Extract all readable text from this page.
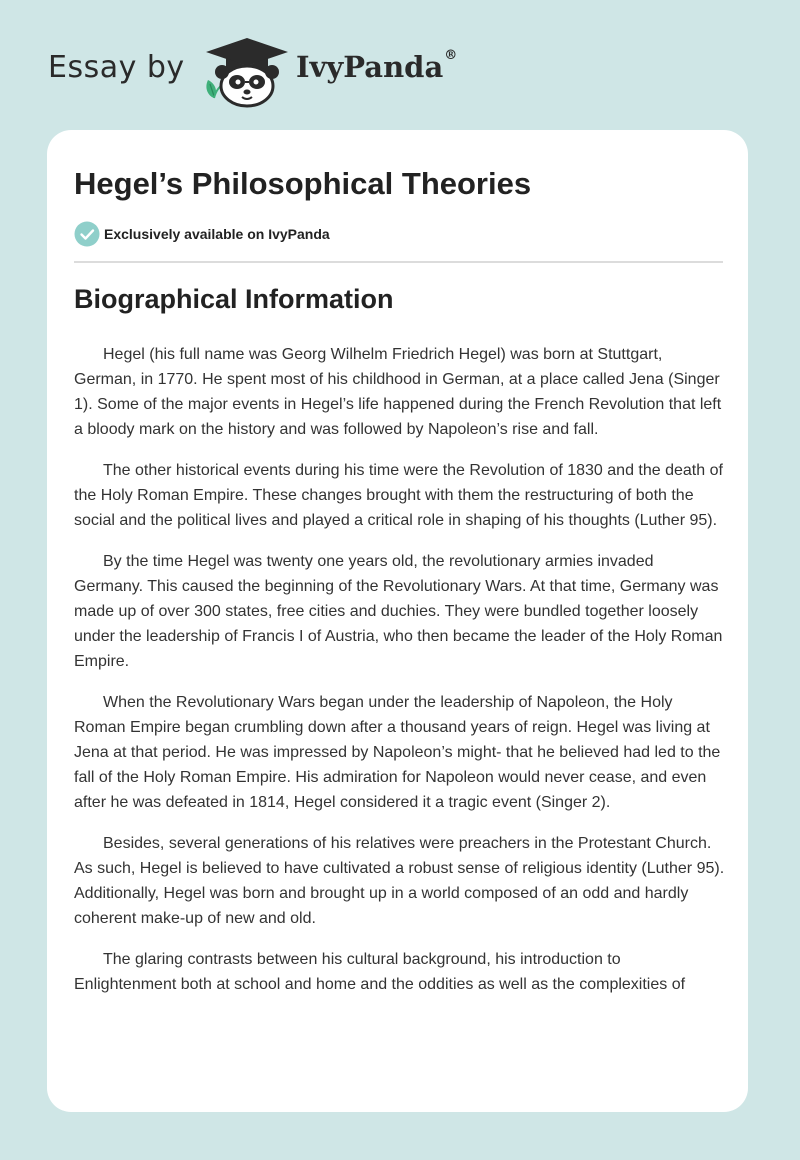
Essay by	IvyPanda®
Hegel’s Philosophical Theories
Exclusively available on IvyPanda
Biographical Information

Hegel (his full name was Georg Wilhelm Friedrich Hegel) was born at Stuttgart, German, in 1770. He spent most of his childhood in German, at a place called Jena (Singer 1). Some of the major events in Hegel’s life happened during the French Revolution that left a bloody mark on the history and was followed by Napoleon’s rise and fall.

The other historical events during his time were the Revolution of 1830 and the death of the Holy Roman Empire. These changes brought with them the restructuring of both the social and the political lives and played a critical role in shaping of his thoughts (Luther 95).

By the time Hegel was twenty one years old, the revolutionary armies invaded Germany. This caused the beginning of the Revolutionary Wars. At that time, Germany was made up of over 300 states, free cities and duchies. They were bundled together loosely under the leadership of Francis I of Austria, who then became the leader of the Holy Roman Empire.

When the Revolutionary Wars began under the leadership of Napoleon, the Holy Roman Empire began crumbling down after a thousand years of reign. Hegel was living at Jena at that period. He was impressed by Napoleon’s might- that he believed had led to the fall of the Holy Roman Empire. His admiration for Napoleon would never cease, and even after he was defeated in 1814, Hegel considered it a tragic event (Singer 2).

Besides, several generations of his relatives were preachers in the Protestant Church. As such, Hegel is believed to have cultivated a robust sense of religious identity (Luther 95). Additionally, Hegel was born and brought up in a world composed of an odd and hardly coherent make-up of new and old.

The glaring contrasts between his cultural background, his introduction to Enlightenment both at school and home and the oddities as well as the complexities of
